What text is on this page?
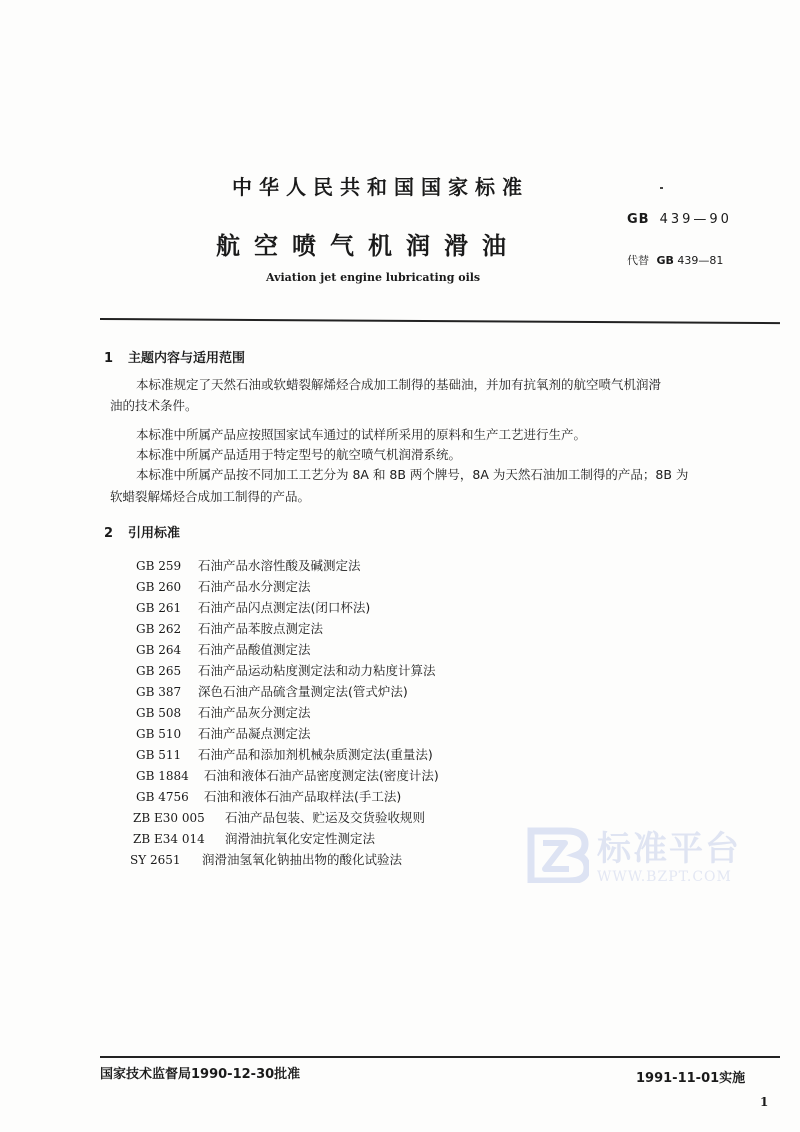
中华人民共和国国家标准
航空喷气机润滑油
Aviation jet engine lubricating oils
GB 439—90
代替 GB 439—81
1 主题内容与适用范围
本标准规定了天然石油或软蜡裂解烯烃合成加工制得的基础油，并加有抗氧剂的航空喷气机润滑
油的技术条件。
本标准中所属产品应按照国家试车通过的试样所采用的原料和生产工艺进行生产。
本标准中所属产品适用于特定型号的航空喷气机润滑系统。
本标准中所属产品按不同加工工艺分为 8A 和 8B 两个牌号，8A 为天然石油加工制得的产品；8B 为
软蜡裂解烯烃合成加工制得的产品。
2 引用标准
GB 259 石油产品水溶性酸及碱测定法
GB 260 石油产品水分测定法
GB 261 石油产品闪点测定法(闭口杯法)
GB 262 石油产品苯胺点测定法
GB 264 石油产品酸值测定法
GB 265 石油产品运动粘度测定法和动力粘度计算法
GB 387 深色石油产品硫含量测定法(管式炉法)
GB 508 石油产品灰分测定法
GB 510 石油产品凝点测定法
GB 511 石油产品和添加剂机械杂质测定法(重量法)
GB 1884 石油和液体石油产品密度测定法(密度计法)
GB 4756 石油和液体石油产品取样法(手工法)
ZB E30 005 石油产品包装、贮运及交货验收规则
ZB E34 014 润滑油抗氧化安定性测定法
SY 2651 润滑油氢氧化钠抽出物的酸化试验法	标准平台
WWW.BZPT.COM
国家技术监督局1990-12-30批准	1991-11-01实施
1
